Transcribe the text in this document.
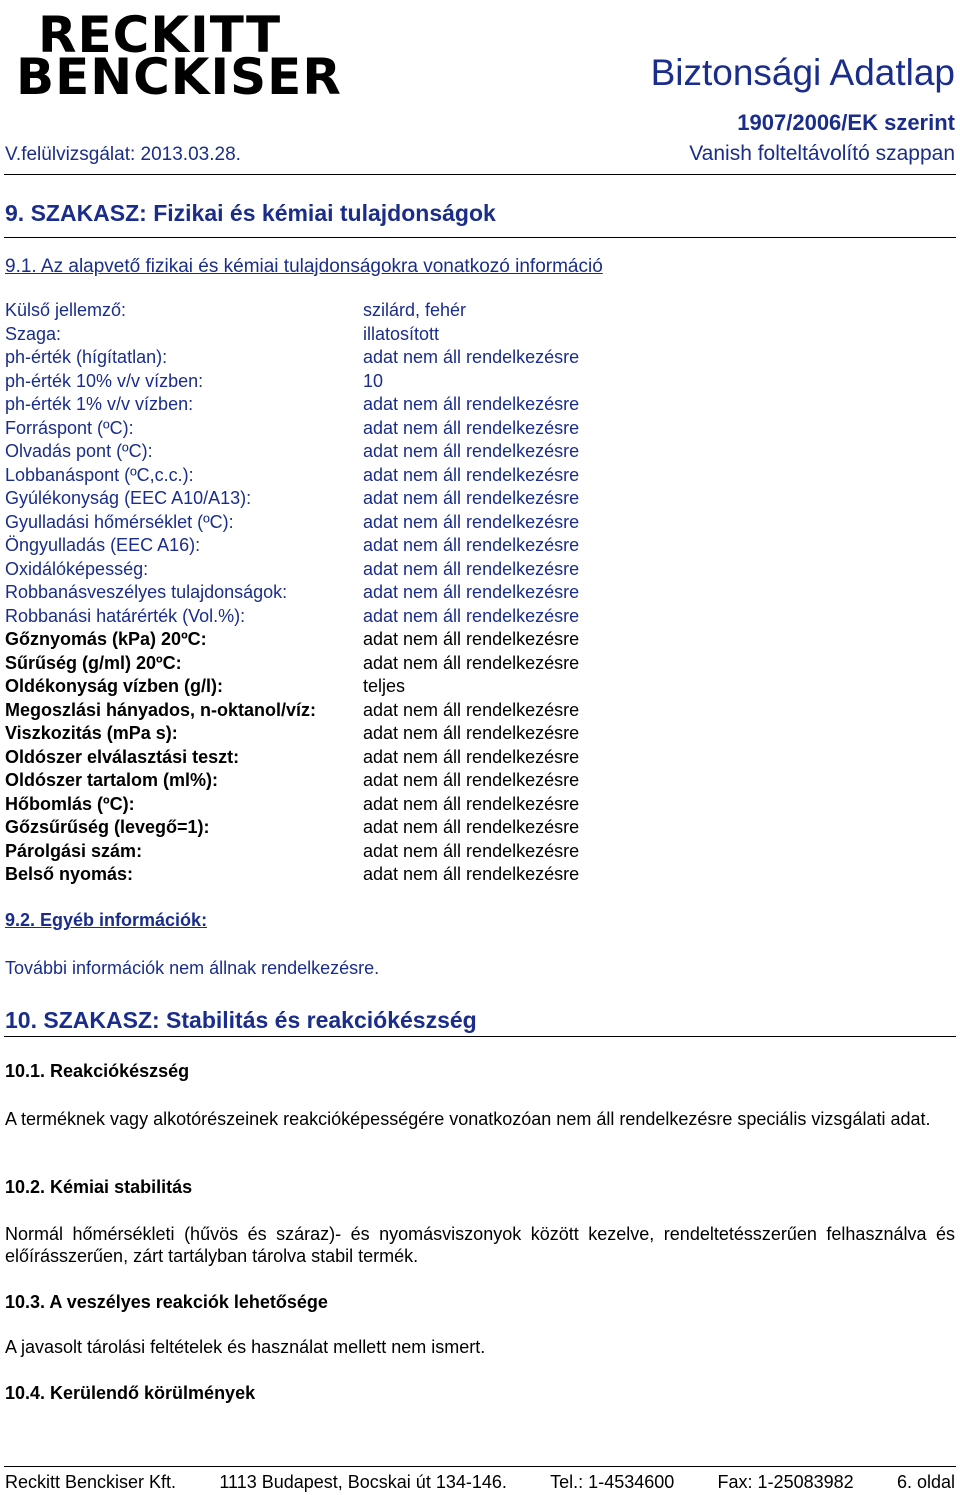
RECKITT
BENCKISER	Biztonsági Adatlap
1907/2006/EK szerint
V.felülvizsgálat: 2013.03.28.	Vanish folteltávolító szappan
9. SZAKASZ: Fizikai és kémiai tulajdonságok
9.1. Az alapvető fizikai és kémiai tulajdonságokra vonatkozó információ
Külső jellemző:	szilárd, fehér
Szaga:	illatosított
ph-érték (hígítatlan):	adat nem áll rendelkezésre
ph-érték 10% v/v vízben:	10
ph-érték 1% v/v vízben:	adat nem áll rendelkezésre
Forráspont (ºC):	adat nem áll rendelkezésre
Olvadás pont (ºC):	adat nem áll rendelkezésre
Lobbanáspont (ºC,c.c.):	adat nem áll rendelkezésre
Gyúlékonyság (EEC A10/A13):	adat nem áll rendelkezésre
Gyulladási hőmérséklet (ºC):	adat nem áll rendelkezésre
Öngyulladás (EEC A16):	adat nem áll rendelkezésre
Oxidálóképesség:	adat nem áll rendelkezésre
Robbanásveszélyes tulajdonságok:	adat nem áll rendelkezésre
Robbanási határérték (Vol.%):	adat nem áll rendelkezésre
Gőznyomás (kPa) 20ºC:	adat nem áll rendelkezésre
Sűrűség (g/ml) 20ºC:	adat nem áll rendelkezésre
Oldékonyság vízben (g/l):	teljes
Megoszlási hányados, n-oktanol/víz:	adat nem áll rendelkezésre
Viszkozitás (mPa s):	adat nem áll rendelkezésre
Oldószer elválasztási teszt:	adat nem áll rendelkezésre
Oldószer tartalom (ml%):	adat nem áll rendelkezésre
Hőbomlás (ºC):	adat nem áll rendelkezésre
Gőzsűrűség (levegő=1):	adat nem áll rendelkezésre
Párolgási szám:	adat nem áll rendelkezésre
Belső nyomás:	adat nem áll rendelkezésre
9.2. Egyéb információk:
További információk nem állnak rendelkezésre.
10. SZAKASZ: Stabilitás és reakciókészség
10.1. Reakciókészség
A terméknek vagy alkotórészeinek reakcióképességére vonatkozóan nem áll rendelkezésre speciális vizsgálati adat.
10.2. Kémiai stabilitás
Normál hőmérsékleti (hűvös és száraz)- és nyomásviszonyok között kezelve, rendeltetésszerűen felhasználva és előírásszerűen, zárt tartályban tárolva stabil termék.
10.3. A veszélyes reakciók lehetősége
A javasolt tárolási feltételek és használat mellett nem ismert.
10.4. Kerülendő körülmények
Reckitt Benckiser Kft. 1113 Budapest, Bocskai út 134-146. Tel.: 1-4534600 Fax: 1-25083982 6. oldal
